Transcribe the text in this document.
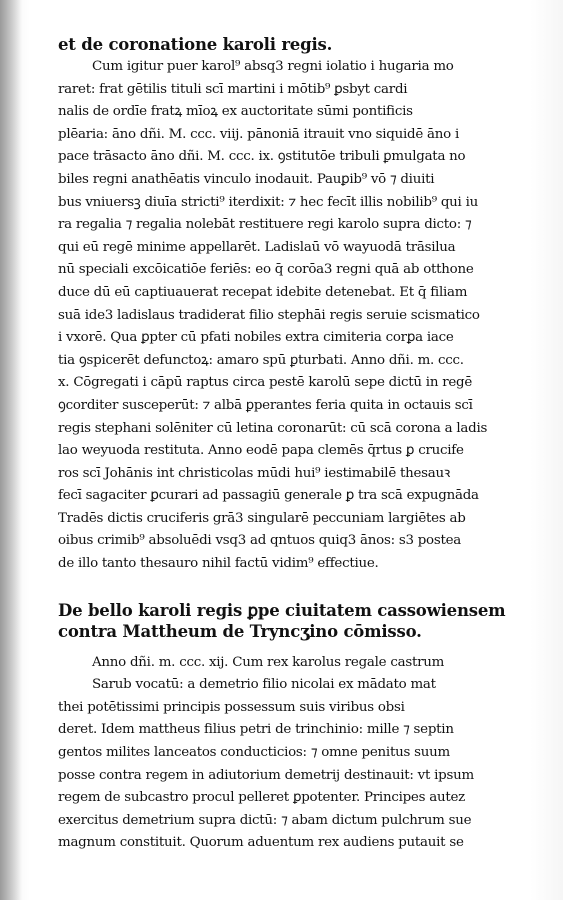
et de coronatione karoli regis.

Cum igitur puer karol⁹ absq3 regni iolatio i hugaria mo

raret: frat gētilis tituli scī martini i mōtib⁹ ꝑsbyt cardi

nalis de ordīe fratꝝ mīoꝝ ex auctoritate sūmi pontificis

plēaria: āno dñi. M. ccc. viij. pānoniā itrauit vno siquidē āno i

pace trāsacto āno dñi. M. ccc. ix. ꝯstitutōe tribuli ꝑmulgata no

biles regni anathēatis vinculo inodauit. Pauꝑib⁹ vō ⁊ diuiti

bus vniuersꝫ diuīa stricti⁹ iterdixit: ⁊ hec fecīt illis nobilib⁹ qui iu

ra regalia ⁊ regalia nolebāt restituere regi karolo supra dicto: ⁊

qui eū regē minime appellarēt. Ladislaū vō wayuodā trāsilua

nū speciali excōicatiōe feriēs: eo q̄ corōa3 regni quā ab otthone

duce dū eū captiuauerat recepat idebite detenebat. Et q̄ filiam

suā ide3 ladislaus tradiderat filio stephāi regis seruie scismatico

i vxorē. Qua ꝑpter cū pfati nobiles extra cimiteria corꝑa iace

tia ꝯspicerēt defunctoꝝ: amaro spū ꝑturbati. Anno dñi. m. ccc.

x. Cōgregati i cāpū raptus circa pestē karolū sepe dictū in regē

ꝯcorditer susceperūt: ⁊ albā ꝑperantes feria quita in octauis scī

regis stephani solēniter cū letina coronarūt: cū scā corona a ladis

lao weyuoda restituta. Anno eodē papa clemēs q̄rtus ꝑ crucife

ros scī Johānis int christicolas mūdi hui⁹ iestimabilē thesauꝛ

fecī sagaciter ꝑcurari ad passagiū generale ꝑ tra scā expugnāda

Tradēs dictis cruciferis grā3 singularē peccuniam largiētes ab

oibus crimib⁹ absoluēdi vsq3 ad qntuos quiq3 ānos: s3 postea

de illo tanto thesauro nihil factū vidim⁹ effectiue.

De bello karoli regis ꝑpe ciuitatem cassowiensem

contra Mattheum de Tryncʒino cōmisso.

Anno dñi. m. ccc. xij. Cum rex karolus regale castrum

Sarub vocatū: a demetrio filio nicolai ex mādato mat

thei potētissimi principis possessum suis viribus obsi

deret. Idem mattheus filius petri de trinchinio: mille ⁊ septin

gentos milites lanceatos conducticios: ⁊ omne penitus suum

posse contra regem in adiutorium demetrij destinauit: vt ipsum

regem de subcastro procul pelleret ꝑpotenter. Principes autez

exercitus demetrium supra dictū: ⁊ abam dictum pulchrum sue

magnum constituit. Quorum aduentum rex audiens putauit se
